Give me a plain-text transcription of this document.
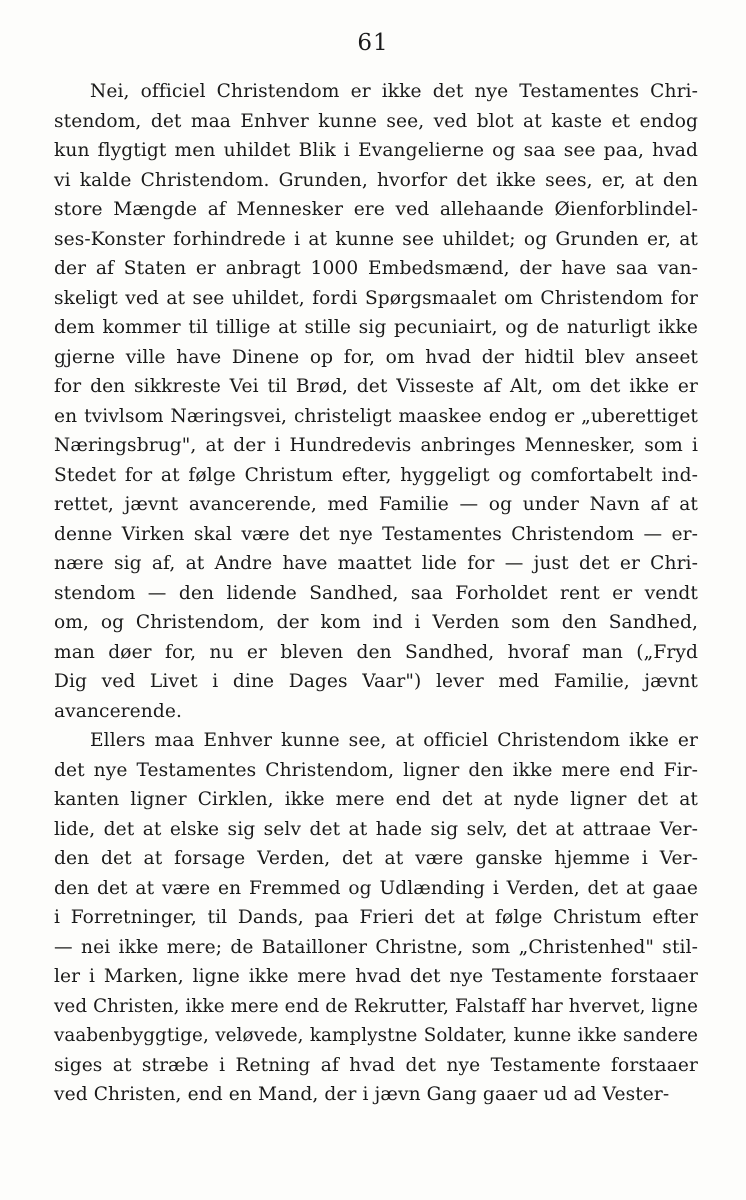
61
Nei, officiel Christendom er ikke det nye Testamentes Chri-
stendom, det maa Enhver kunne see, ved blot at kaste et endog
kun flygtigt men uhildet Blik i Evangelierne og saa see paa, hvad
vi kalde Christendom. Grunden, hvorfor det ikke sees, er, at den
store Mængde af Mennesker ere ved allehaande Øienforblindel-
ses-Konster forhindrede i at kunne see uhildet; og Grunden er, at
der af Staten er anbragt 1000 Embedsmænd, der have saa van-
skeligt ved at see uhildet, fordi Spørgsmaalet om Christendom for
dem kommer til tillige at stille sig pecuniairt, og de naturligt ikke
gjerne ville have Dinene op for, om hvad der hidtil blev anseet
for den sikkreste Vei til Brød, det Visseste af Alt, om det ikke er
en tvivlsom Næringsvei, christeligt maaskee endog er „uberettiget
Næringsbrug", at der i Hundredevis anbringes Mennesker, som i
Stedet for at følge Christum efter, hyggeligt og comfortabelt ind-
rettet, jævnt avancerende, med Familie — og under Navn af at
denne Virken skal være det nye Testamentes Christendom — er-
nære sig af, at Andre have maattet lide for — just det er Chri-
stendom — den lidende Sandhed, saa Forholdet rent er vendt
om, og Christendom, der kom ind i Verden som den Sandhed,
man døer for, nu er bleven den Sandhed, hvoraf man („Fryd
Dig ved Livet i dine Dages Vaar") lever med Familie, jævnt
avancerende.
Ellers maa Enhver kunne see, at officiel Christendom ikke er
det nye Testamentes Christendom, ligner den ikke mere end Fir-
kanten ligner Cirklen, ikke mere end det at nyde ligner det at
lide, det at elske sig selv det at hade sig selv, det at attraae Ver-
den det at forsage Verden, det at være ganske hjemme i Ver-
den det at være en Fremmed og Udlænding i Verden, det at gaae
i Forretninger, til Dands, paa Frieri det at følge Christum efter
— nei ikke mere; de Batailloner Christne, som „Christenhed" stil-
ler i Marken, ligne ikke mere hvad det nye Testamente forstaaer
ved Christen, ikke mere end de Rekrutter, Falstaff har hvervet, ligne
vaabenbyggtige, veløvede, kamplystne Soldater, kunne ikke sandere
siges at stræbe i Retning af hvad det nye Testamente forstaaer
ved Christen, end en Mand, der i jævn Gang gaaer ud ad Vester-
